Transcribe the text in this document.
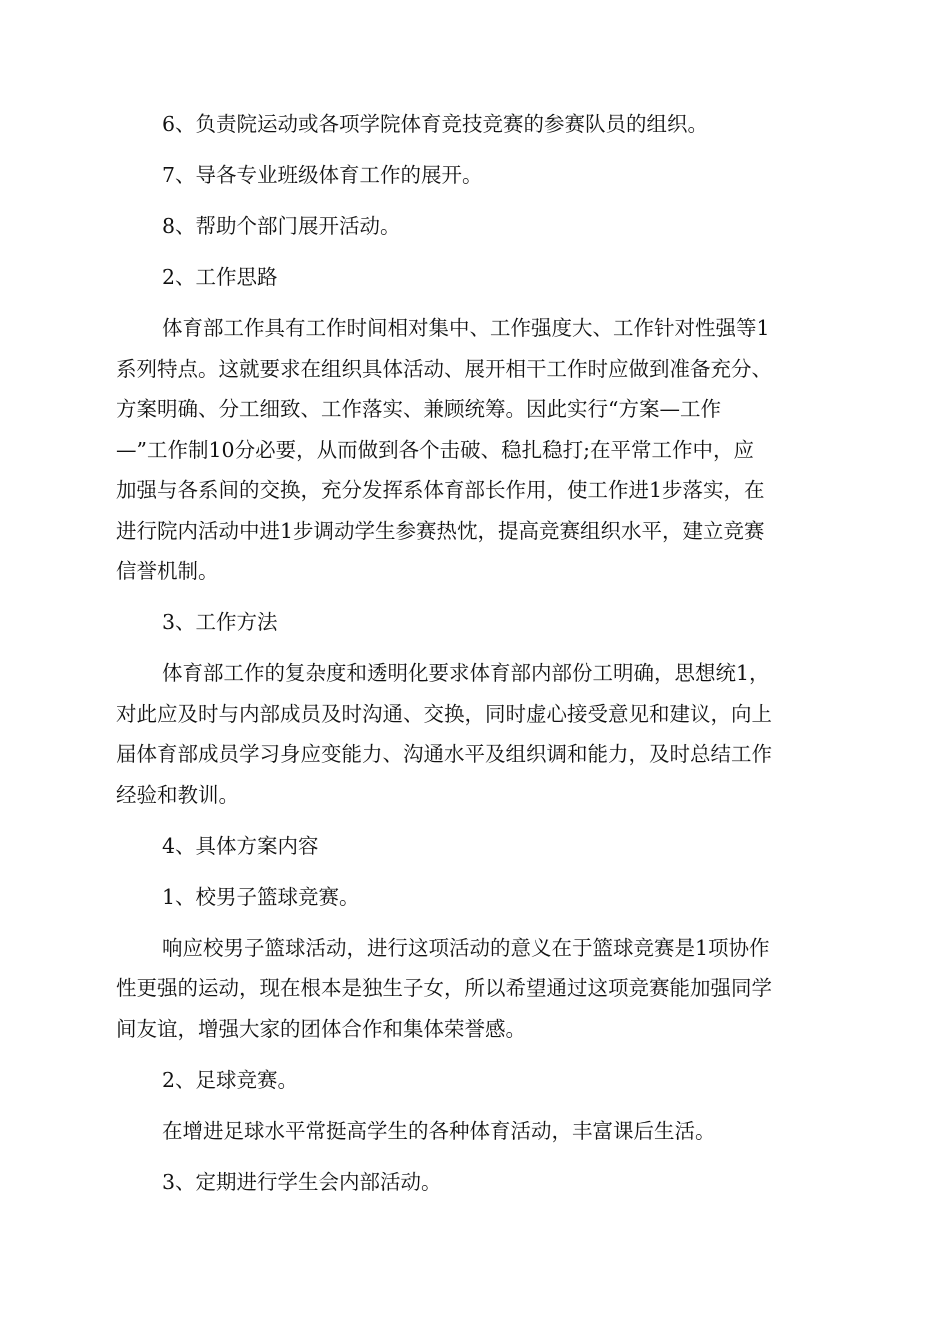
6、负责院运动或各项学院体育竞技竞赛的参赛队员的组织。
7、导各专业班级体育工作的展开。
8、帮助个部门展开活动。
2、工作思路
体育部工作具有工作时间相对集中、工作强度大、工作针对性强等1
系列特点。这就要求在组织具体活动、展开相干工作时应做到准备充分、
方案明确、分工细致、工作落实、兼顾统筹。因此实行“方案—工作
—”工作制10分必要，从而做到各个击破、稳扎稳打;在平常工作中，应
加强与各系间的交换，充分发挥系体育部长作用，使工作进1步落实，在
进行院内活动中进1步调动学生参赛热忱，提高竞赛组织水平，建立竞赛
信誉机制。
3、工作方法
体育部工作的复杂度和透明化要求体育部内部份工明确，思想统1，
对此应及时与内部成员及时沟通、交换，同时虚心接受意见和建议，向上
届体育部成员学习身应变能力、沟通水平及组织调和能力，及时总结工作
经验和教训。
4、具体方案内容
1、校男子篮球竞赛。
响应校男子篮球活动，进行这项活动的意义在于篮球竞赛是1项协作
性更强的运动，现在根本是独生子女，所以希望通过这项竞赛能加强同学
间友谊，增强大家的团体合作和集体荣誉感。
2、足球竞赛。
在增进足球水平常挺高学生的各种体育活动，丰富课后生活。
3、定期进行学生会内部活动。
